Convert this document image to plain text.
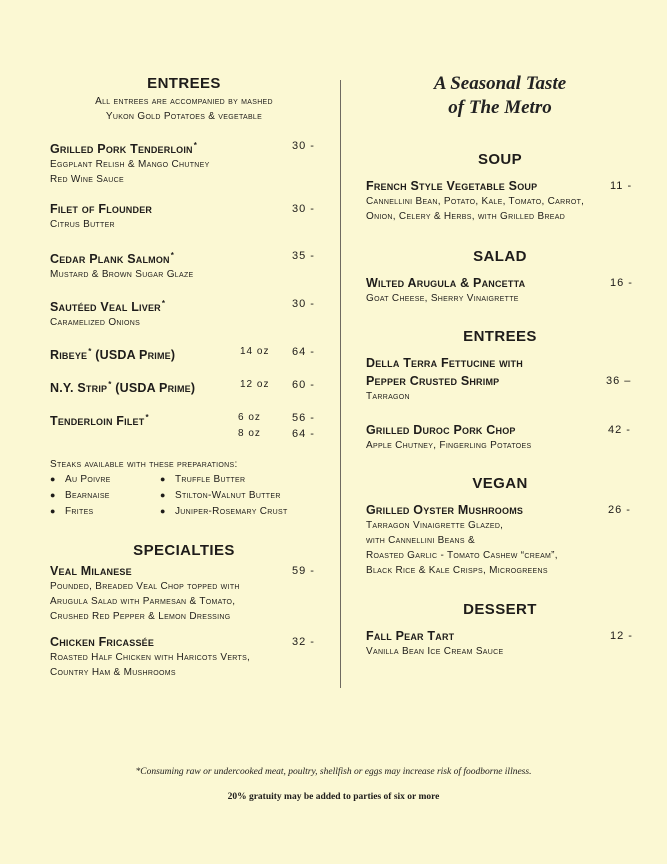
ENTREES
All entrees are accompanied by mashed
Yukon Gold Potatoes & vegetable
Grilled Pork Tenderloin*
Eggplant Relish & Mango Chutney
Red Wine Sauce
30 -
Filet of Flounder
Citrus Butter
30 -
Cedar Plank Salmon*
Mustard & Brown Sugar Glaze
35 -
Sautéed Veal Liver*
Caramelized Onions
30 -
Ribeye* (USDA Prime)	14 oz 64 -
N.Y. Strip* (USDA Prime)	12 oz 60 -
Tenderloin Filet*	6 oz	56 -
8 oz	64 -
Steaks available with these preparations:
● Au Poivre	● Truffle Butter
● Bearnaise	● Stilton-Walnut Butter
● Frites	● Juniper-Rosemary Crust
SPECIALTIES
Veal Milanese
Pounded, Breaded Veal Chop topped with
Arugula Salad with Parmesan & Tomato,
Crushed Red Pepper & Lemon Dressing
59 -
Chicken Fricassée
Roasted Half Chicken with Haricots Verts,
Country Ham & Mushrooms
32 -
A Seasonal Taste
of The Metro
SOUP
French Style Vegetable Soup
Cannellini Bean, Potato, Kale, Tomato, Carrot,
Onion, Celery & Herbs, with Grilled Bread
11 -
SALAD
Wilted Arugula & Pancetta
Goat Cheese, Sherry Vinaigrette
16 -
ENTREES
Della Terra Fettucine with
Pepper Crusted Shrimp
Tarragon
36 –
Grilled Duroc Pork Chop
Apple Chutney, Fingerling Potatoes
42 -
VEGAN
Grilled Oyster Mushrooms
Tarragon Vinaigrette Glazed,
with Cannellini Beans &
Roasted Garlic - Tomato Cashew “cream”,
Black Rice & Kale Crisps, Microgreens
26 -
DESSERT
Fall Pear Tart
Vanilla Bean Ice Cream Sauce
12 -
*Consuming raw or undercooked meat, poultry, shellfish or eggs may increase risk of foodborne illness.
20% gratuity may be added to parties of six or more
